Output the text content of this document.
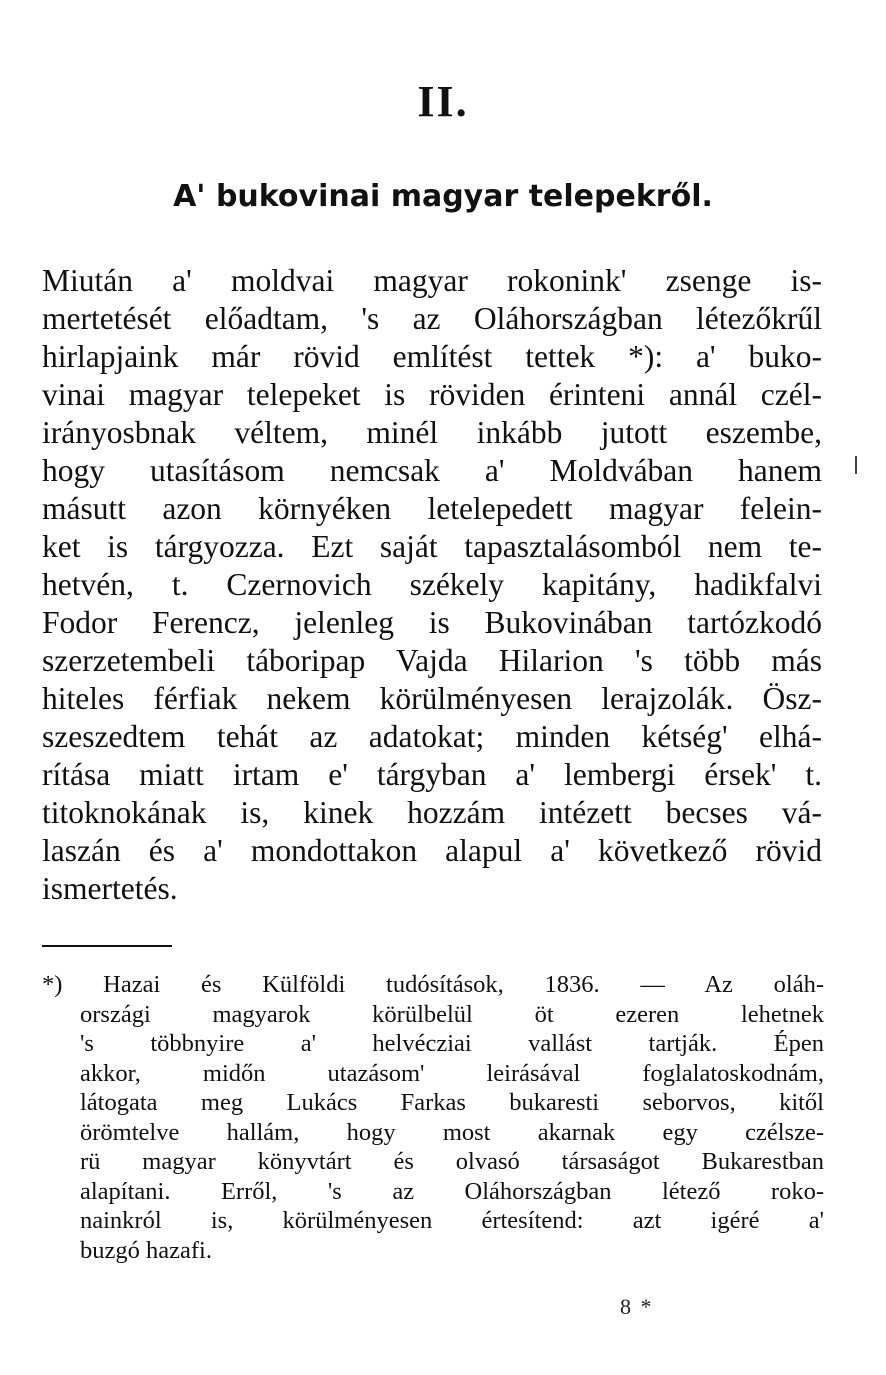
II.
A' bukovinai magyar telepekről.
Miután a' moldvai magyar rokonink' zsenge is-
mertetését előadtam, 's az Oláhországban létezőkrűl
hirlapjaink már rövid említést tettek *): a' buko-
vinai magyar telepeket is röviden érinteni annál czél-
irányosbnak véltem, minél inkább jutott eszembe,
hogy utasításom nemcsak a' Moldvában hanem
másutt azon környéken letelepedett magyar felein-
ket is tárgyozza. Ezt saját tapasztalásomból nem te-
hetvén, t. Czernovich székely kapitány, hadikfalvi
Fodor Ferencz, jelenleg is Bukovinában tartózkodó
szerzetembeli táboripap Vajda Hilarion 's több más
hiteles férfiak nekem körülményesen lerajzolák. Ösz-
szeszedtem tehát az adatokat; minden kétség' elhá-
rítása miatt irtam e' tárgyban a' lembergi érsek' t.
titoknokának is, kinek hozzám intézett becses vá-
laszán és a' mondottakon alapul a' következő rövid
ismertetés.
*) Hazai és Külföldi tudósítások, 1836. — Az oláh-
országi magyarok körülbelül öt ezeren lehetnek
's többnyire a' helvécziai vallást tartják. Épen
akkor, midőn utazásom' leirásával foglalatoskodnám,
látogata meg Lukács Farkas bukaresti seborvos, kitől
örömtelve hallám, hogy most akarnak egy czélsze-
rü magyar könyvtárt és olvasó társaságot Bukarestban
alapítani. Erről, 's az Oláhországban létező roko-
nainkról is, körülményesen értesítend: azt igéré a'
buzgó hazafi.
8 *
